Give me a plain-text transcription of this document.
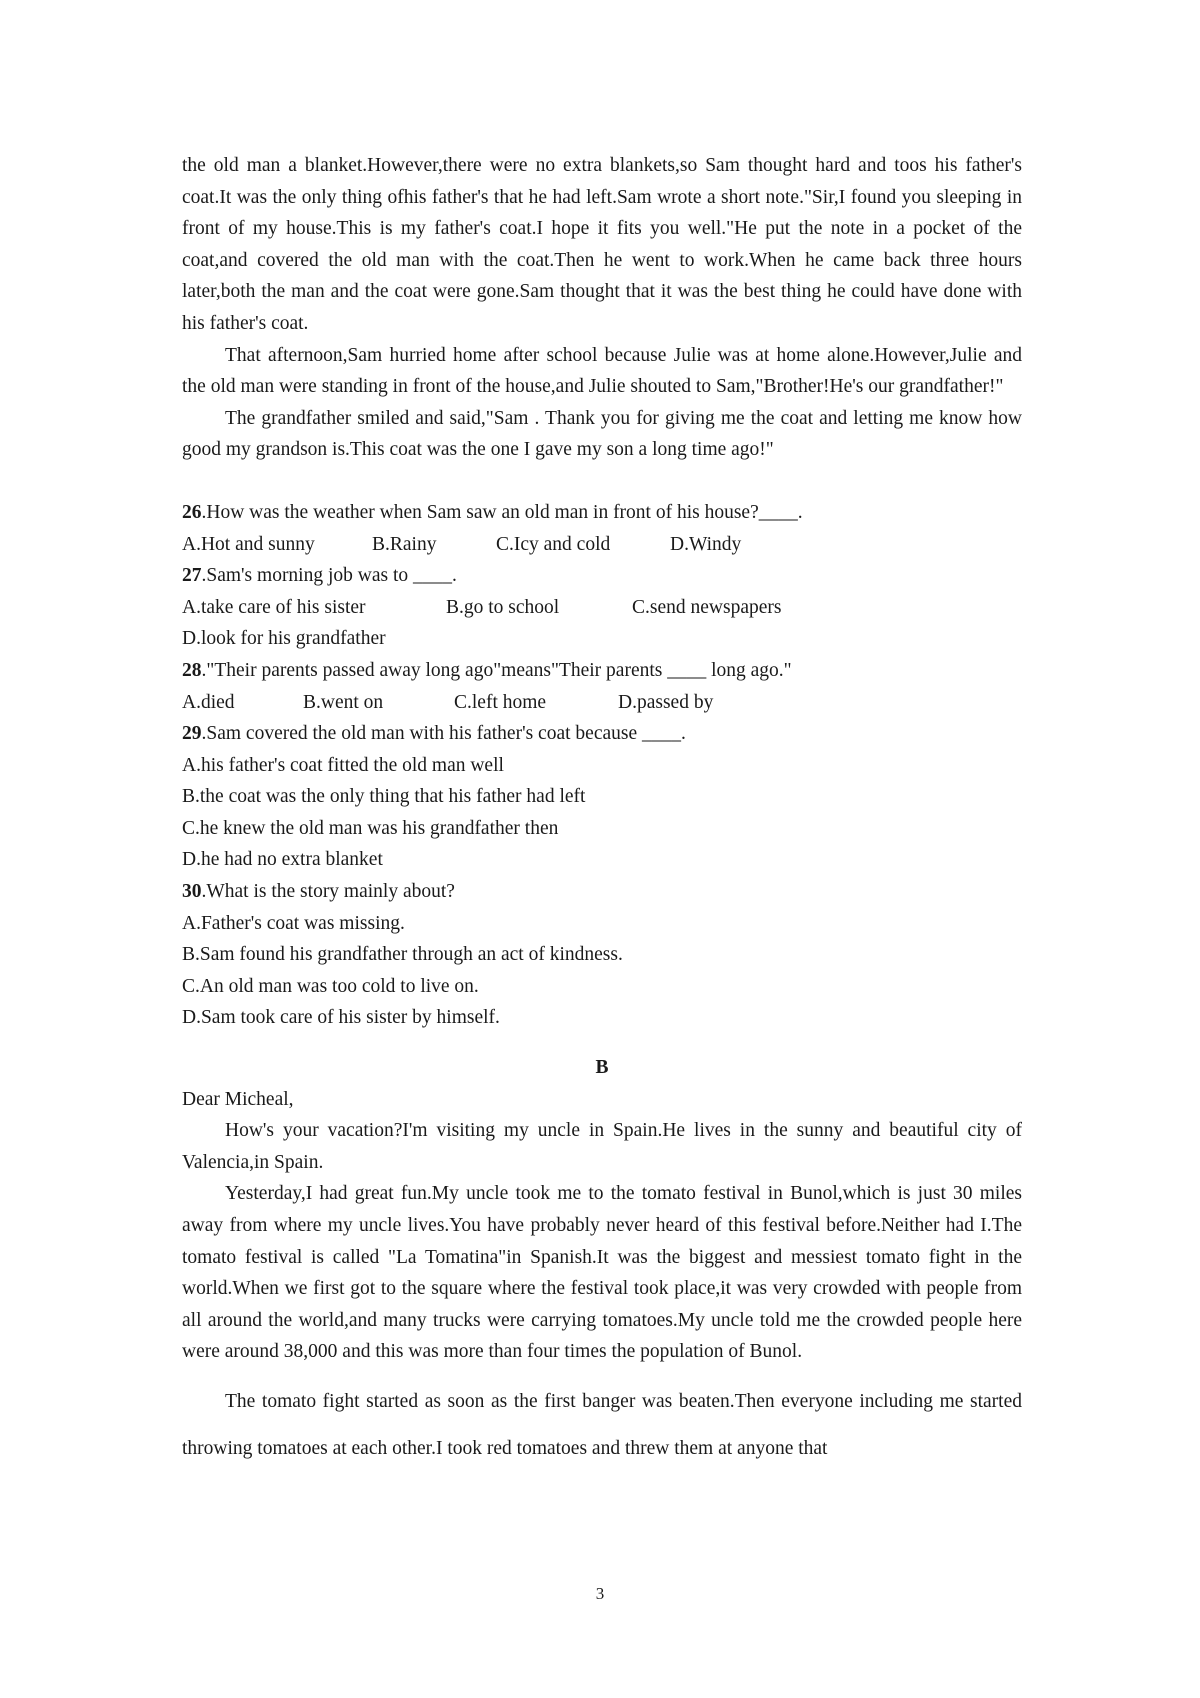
the old man a blanket.However,there were no extra blankets,so Sam thought hard and toos his father's coat.It was the only thing ofhis father's that he had left.Sam wrote a short note."Sir,I found you sleeping in front of my house.This is my father's coat.I hope it fits you well."He put the note in a pocket of the coat,and covered the old man with the coat.Then he went to work.When he came back three hours later,both the man and the coat were gone.Sam thought that it was the best thing he could have done with his father's coat.

That afternoon,Sam hurried home after school because Julie was at home alone.However,Julie and the old man were standing in front of the house,and Julie shouted to Sam,"Brother!He's our grandfather!"

The grandfather smiled and said,"Sam . Thank you for giving me the coat and letting me know how good my grandson is.This coat was the one I gave my son a long time ago!"

26.How was the weather when Sam saw an old man in front of his house?____.
A.Hot and sunny	B.Rainy	C.Icy and cold	D.Windy
27.Sam's morning job was to ____.
A.take care of his sister	B.go to school	C.send newspapers
D.look for his grandfather
28."Their parents passed away long ago"means"Their parents ____ long ago."
A.died	B.went on	C.left home	D.passed by
29.Sam covered the old man with his father's coat because ____.
A.his father's coat fitted the old man well
B.the coat was the only thing that his father had left
C.he knew the old man was his grandfather then
D.he had no extra blanket
30.What is the story mainly about?
A.Father's coat was missing.
B.Sam found his grandfather through an act of kindness.
C.An old man was too cold to live on.
D.Sam took care of his sister by himself.
B
Dear Micheal,

How's your vacation?I'm visiting my uncle in Spain.He lives in the sunny and beautiful city of Valencia,in Spain.

Yesterday,I had great fun.My uncle took me to the tomato festival in Bunol,which is just 30 miles away from where my uncle lives.You have probably never heard of this festival before.Neither had I.The tomato festival is called "La Tomatina"in Spanish.It was the biggest and messiest tomato fight in the world.When we first got to the square where the festival took place,it was very crowded with people from all around the world,and many trucks were carrying tomatoes.My uncle told me the crowded people here were around 38,000 and this was more than four times the population of Bunol.

The tomato fight started as soon as the first banger was beaten.Then everyone including me started throwing tomatoes at each other.I took red tomatoes and threw them at anyone that

3
